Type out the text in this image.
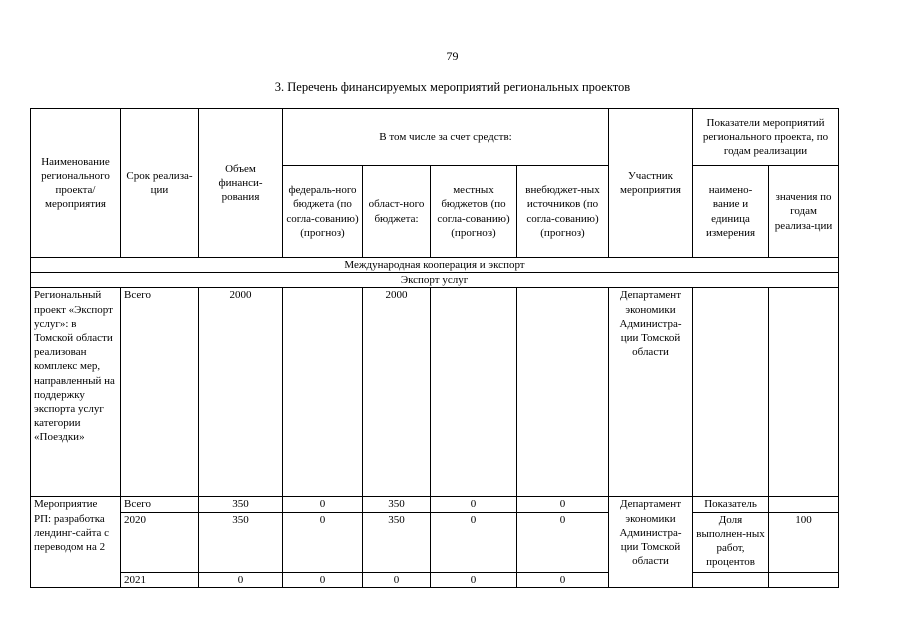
79
3. Перечень финансируемых мероприятий региональных проектов
Наименование регионального проекта/ мероприятия	Срок реализа-ции	Объем финанси-рования	В том числе за счет средств:				Участник мероприятия	Показатели мероприятий регионального проекта, по годам реализации	
			федераль-ного бюджета (по согла-сованию) (прогноз)	област-ного бюджета:	местных бюджетов (по согла-сованию) (прогноз)	внебюджет-ных источников (по согла-сованию) (прогноз)		наимено-вание и единица измерения	значения по годам реализа-ции
Международная кооперация и экспорт									
Экспорт услуг									
Региональный проект «Экспорт услуг»: в Томской области реализован комплекс мер, направленный на поддержку экспорта услуг категории «Поездки»	Всего	2000		2000			Департамент экономики Администра-ции Томской области		
Мероприятие РП: разработка лендинг-сайта с переводом на 2	Всего	350	0	350	0	0	Департамент экономики Администра-ции Томской области	Показатель	
	2020	350	0	350	0	0		Доля выполнен-ных работ, процентов	100
	2021	0	0	0	0	0			
